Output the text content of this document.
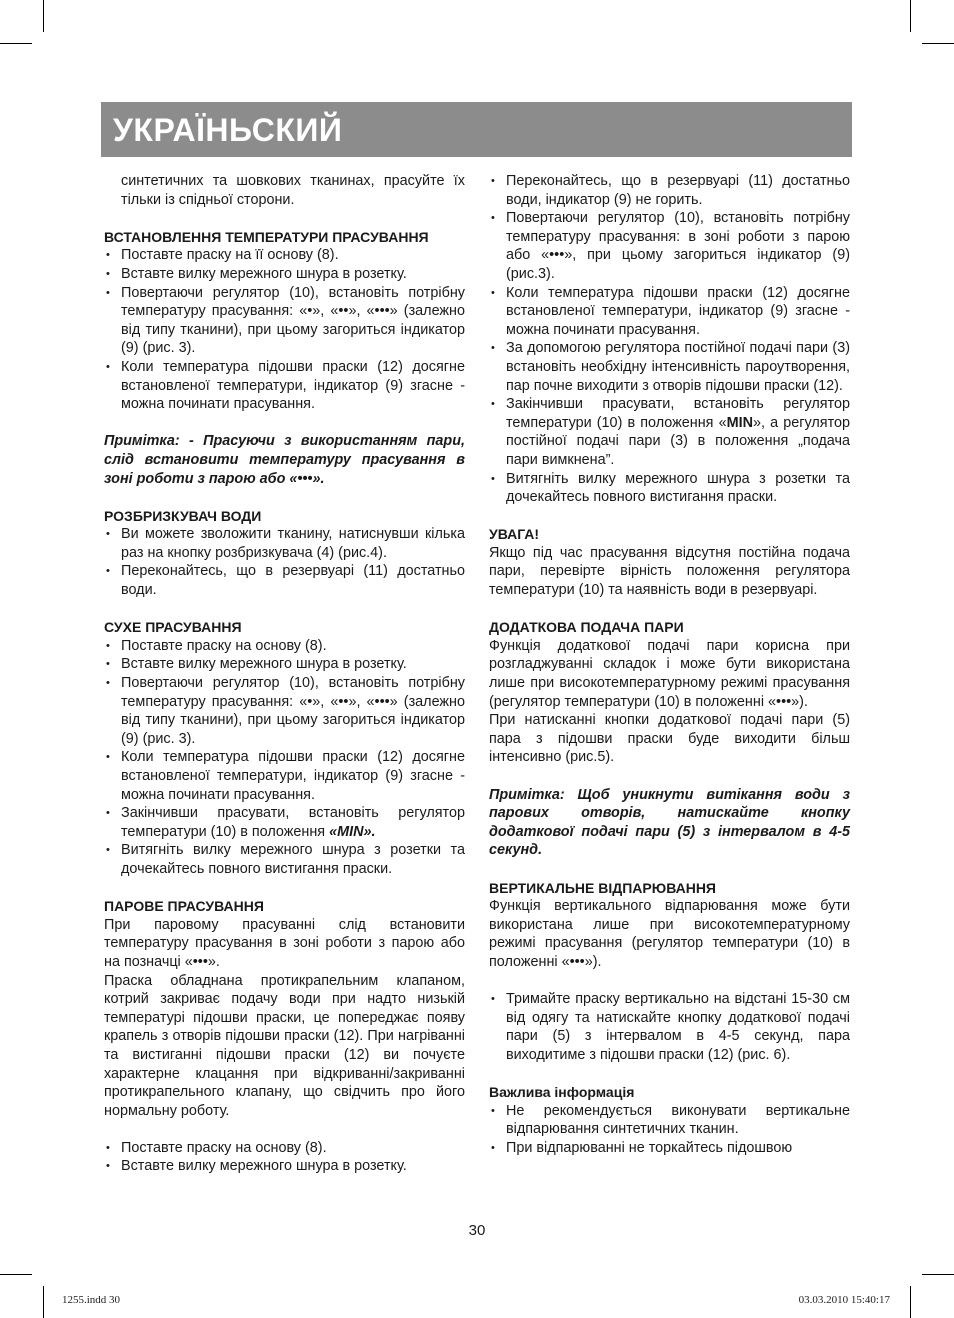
УКРАЇНЬСКИЙ

синтетичних та шовкових тканинах, прасуйте їх тільки із спідньої сторони.

ВСТАНОВЛЕННЯ ТЕМПЕРАТУРИ ПРАСУВАННЯ
• Поставте праску на її основу (8).
• Вставте вилку мережного шнура в розетку.
• Повертаючи регулятор (10), встановіть потрібну температуру прасування: «•», «••», «•••» (залежно від типу тканини), при цьому загориться індикатор (9) (рис. 3).
• Коли температура підошви праски (12) досягне встановленої температури, індикатор (9) згасне - можна починати прасування.

Примітка: - Прасуючи з використанням пари, слід встановити температуру прасування в зоні роботи з парою або «•••».

РОЗБРИЗКУВАЧ ВОДИ
• Ви можете зволожити тканину, натиснувши кілька раз на кнопку розбризкувача (4) (рис.4).
• Переконайтесь, що в резервуарі (11) достатньо води.
СУХЕ ПРАСУВАННЯ
• Поставте праску на основу (8).
• Вставте вилку мережного шнура в розетку.
• Повертаючи регулятор (10), встановіть потрібну температуру прасування: «•», «••», «•••» (залежно від типу тканини), при цьому загориться індикатор (9) (рис. 3).
• Коли температура підошви праски (12) досягне встановленої температури, індикатор (9) згасне - можна починати прасування.
• Закінчивши прасувати, встановіть регулятор температури (10) в положення «MIN».
• Витягніть вилку мережного шнура з розетки та дочекайтесь повного вистигання праски.
ПАРОВЕ ПРАСУВАННЯ

При паровому прасуванні слід встановити температуру прасування в зоні роботи з парою або на позначці «•••».

Праска обладнана протикрапельним клапаном, котрий закриває подачу води при надто низькій температурі підошви праски, це попереджає появу крапель з отворів підошви праски (12). При нагріванні та вистиганні підошви праски (12) ви почуєте характерне клацання при відкриванні/закриванні протикрапельного клапану, що свідчить про його нормальну роботу.

• Поставте праску на основу (8).
• Вставте вилку мережного шнура в розетку.
• Переконайтесь, що в резервуарі (11) достатньо води, індикатор (9) не горить.
• Повертаючи регулятор (10), встановіть потрібну температуру прасування: в зоні роботи з парою або «•••», при цьому загориться індикатор (9) (рис.3).
• Коли температура підошви праски (12) досягне встановленої температури, індикатор (9) згасне - можна починати прасування.
• За допомогою регулятора постійної подачі пари (3) встановіть необхідну інтенсивність пароутворення, пар почне виходити з отворів підошви праски (12).
• Закінчивши прасувати, встановіть регулятор температури (10) в положення «MIN», а регулятор постійної подачі пари (3) в положення „подача пари вимкнена”.
• Витягніть вилку мережного шнура з розетки та дочекайтесь повного вистигання праски.
УВАГА!

Якщо під час прасування відсутня постійна подача пари, перевірте вірність положення регулятора температури (10) та наявність води в резервуарі.

ДОДАТКОВА ПОДАЧА ПАРИ

Функція додаткової подачі пари корисна при розгладжуванні складок і може бути використана лише при високотемпературному режимі прасування (регулятор температури (10) в положенні «•••»).

При натисканні кнопки додаткової подачі пари (5) пара з підошви праски буде виходити більш інтенсивно (рис.5).

Примітка: Щоб уникнути витікання води з парових отворів, натискайте кнопку додаткової подачі пари (5) з інтервалом в 4-5 секунд.

ВЕРТИКАЛЬНЕ ВІДПАРЮВАННЯ

Функція вертикального відпарювання може бути використана лише при високотемпературному режимі прасування (регулятор температури (10) в положенні «•••»).

• Тримайте праску вертикально на відстані 15-30 см від одягу та натискайте кнопку додаткової подачі пари (5) з інтервалом в 4-5 секунд, пара виходитиме з підошви праски (12) (рис. 6).
Важлива інформація
• Не рекомендується виконувати вертикальне відпарювання синтетичних тканин.
• При відпарюванні не торкайтесь підошвою
30
1255.indd 30	03.03.2010 15:40:17
